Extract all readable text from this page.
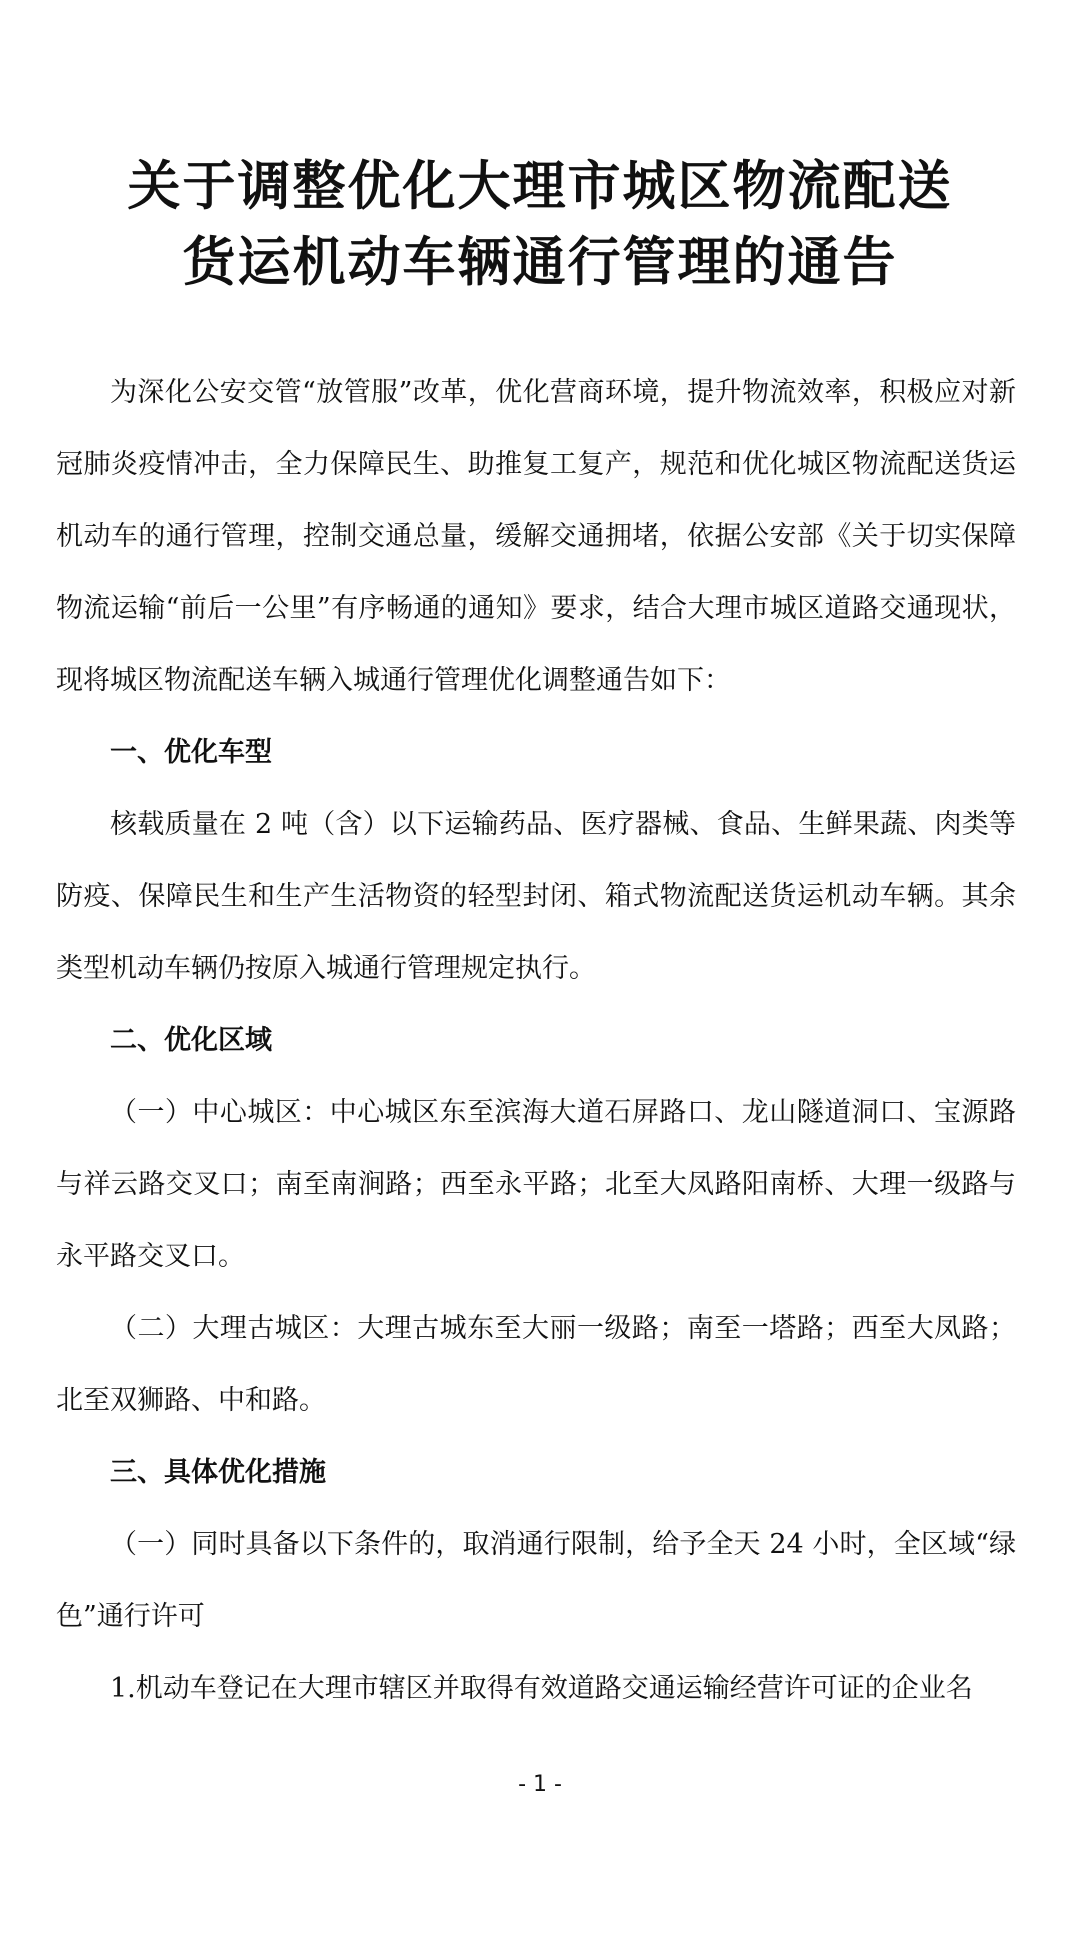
关于调整优化大理市城区物流配送
货运机动车辆通行管理的通告

为深化公安交管“放管服”改革，优化营商环境，提升物流效率，积极应对新冠肺炎疫情冲击，全力保障民生、助推复工复产，规范和优化城区物流配送货运机动车的通行管理，控制交通总量，缓解交通拥堵，依据公安部《关于切实保障物流运输“前后一公里”有序畅通的通知》要求，结合大理市城区道路交通现状，现将城区物流配送车辆入城通行管理优化调整通告如下：

一、优化车型

核载质量在 2 吨（含）以下运输药品、医疗器械、食品、生鲜果蔬、肉类等防疫、保障民生和生产生活物资的轻型封闭、箱式物流配送货运机动车辆。其余类型机动车辆仍按原入城通行管理规定执行。

二、优化区域

（一）中心城区：中心城区东至滨海大道石屏路口、龙山隧道洞口、宝源路与祥云路交叉口；南至南涧路；西至永平路；北至大凤路阳南桥、大理一级路与永平路交叉口。

（二）大理古城区：大理古城东至大丽一级路；南至一塔路；西至大凤路；北至双狮路、中和路。

三、具体优化措施

（一）同时具备以下条件的，取消通行限制，给予全天 24 小时，全区域“绿色”通行许可

1.机动车登记在大理市辖区并取得有效道路交通运输经营许可证的企业名

- 1 -
